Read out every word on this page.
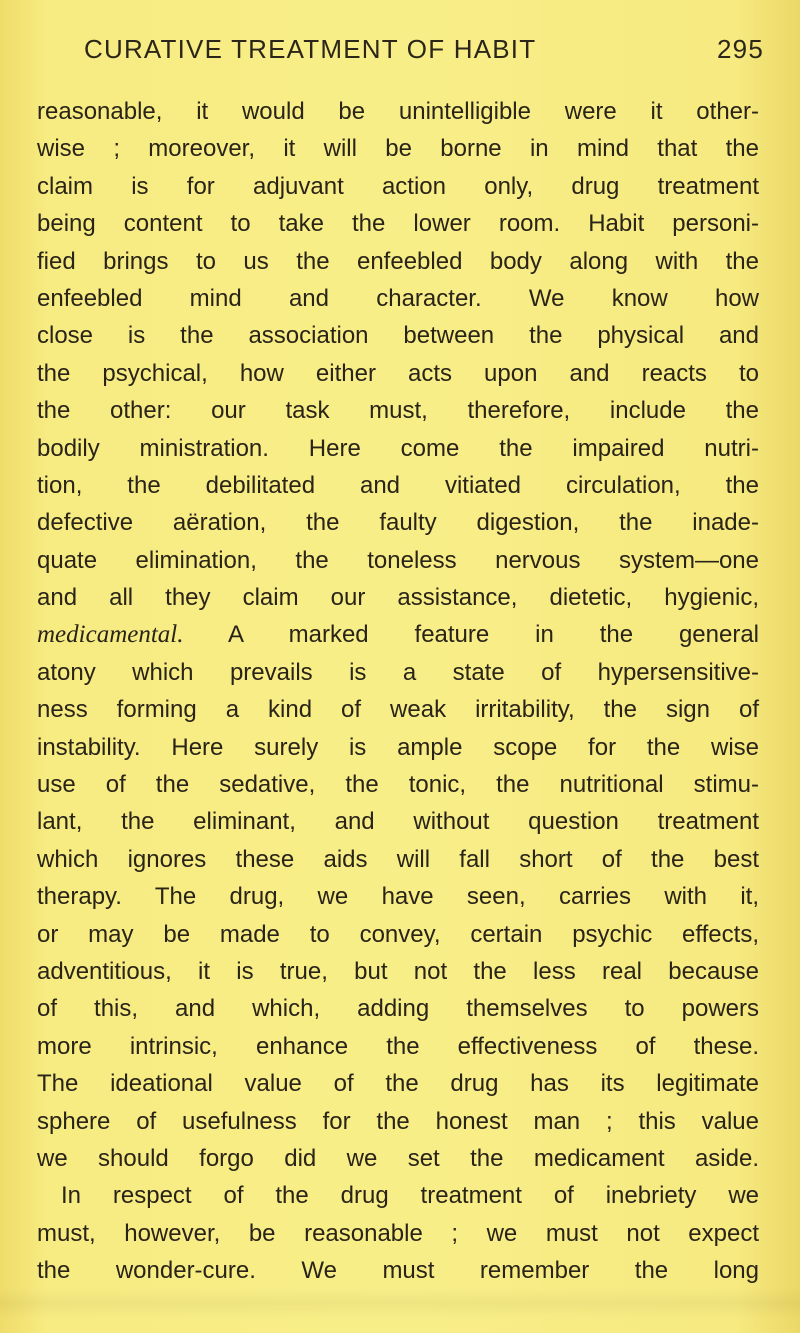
CURATIVE TREATMENT OF HABIT	295
reasonable, it would be unintelligible were it other-
wise ; moreover, it will be borne in mind that the
claim is for adjuvant action only, drug treatment
being content to take the lower room. Habit personi-
fied brings to us the enfeebled body along with the
enfeebled mind and character. We know how
close is the association between the physical and
the psychical, how either acts upon and reacts to
the other: our task must, therefore, include the
bodily ministration. Here come the impaired nutri-
tion, the debilitated and vitiated circulation, the
defective aëration, the faulty digestion, the inade-
quate elimination, the toneless nervous system—one
and all they claim our assistance, dietetic, hygienic,
medicamental. A marked feature in the general
atony which prevails is a state of hypersensitive-
ness forming a kind of weak irritability, the sign of
instability. Here surely is ample scope for the wise
use of the sedative, the tonic, the nutritional stimu-
lant, the eliminant, and without question treatment
which ignores these aids will fall short of the best
therapy. The drug, we have seen, carries with it,
or may be made to convey, certain psychic effects,
adventitious, it is true, but not the less real because
of this, and which, adding themselves to powers
more intrinsic, enhance the effectiveness of these.
The ideational value of the drug has its legitimate
sphere of usefulness for the honest man ; this value
we should forgo did we set the medicament aside.
In respect of the drug treatment of inebriety we
must, however, be reasonable ; we must not expect
the wonder-cure. We must remember the long
